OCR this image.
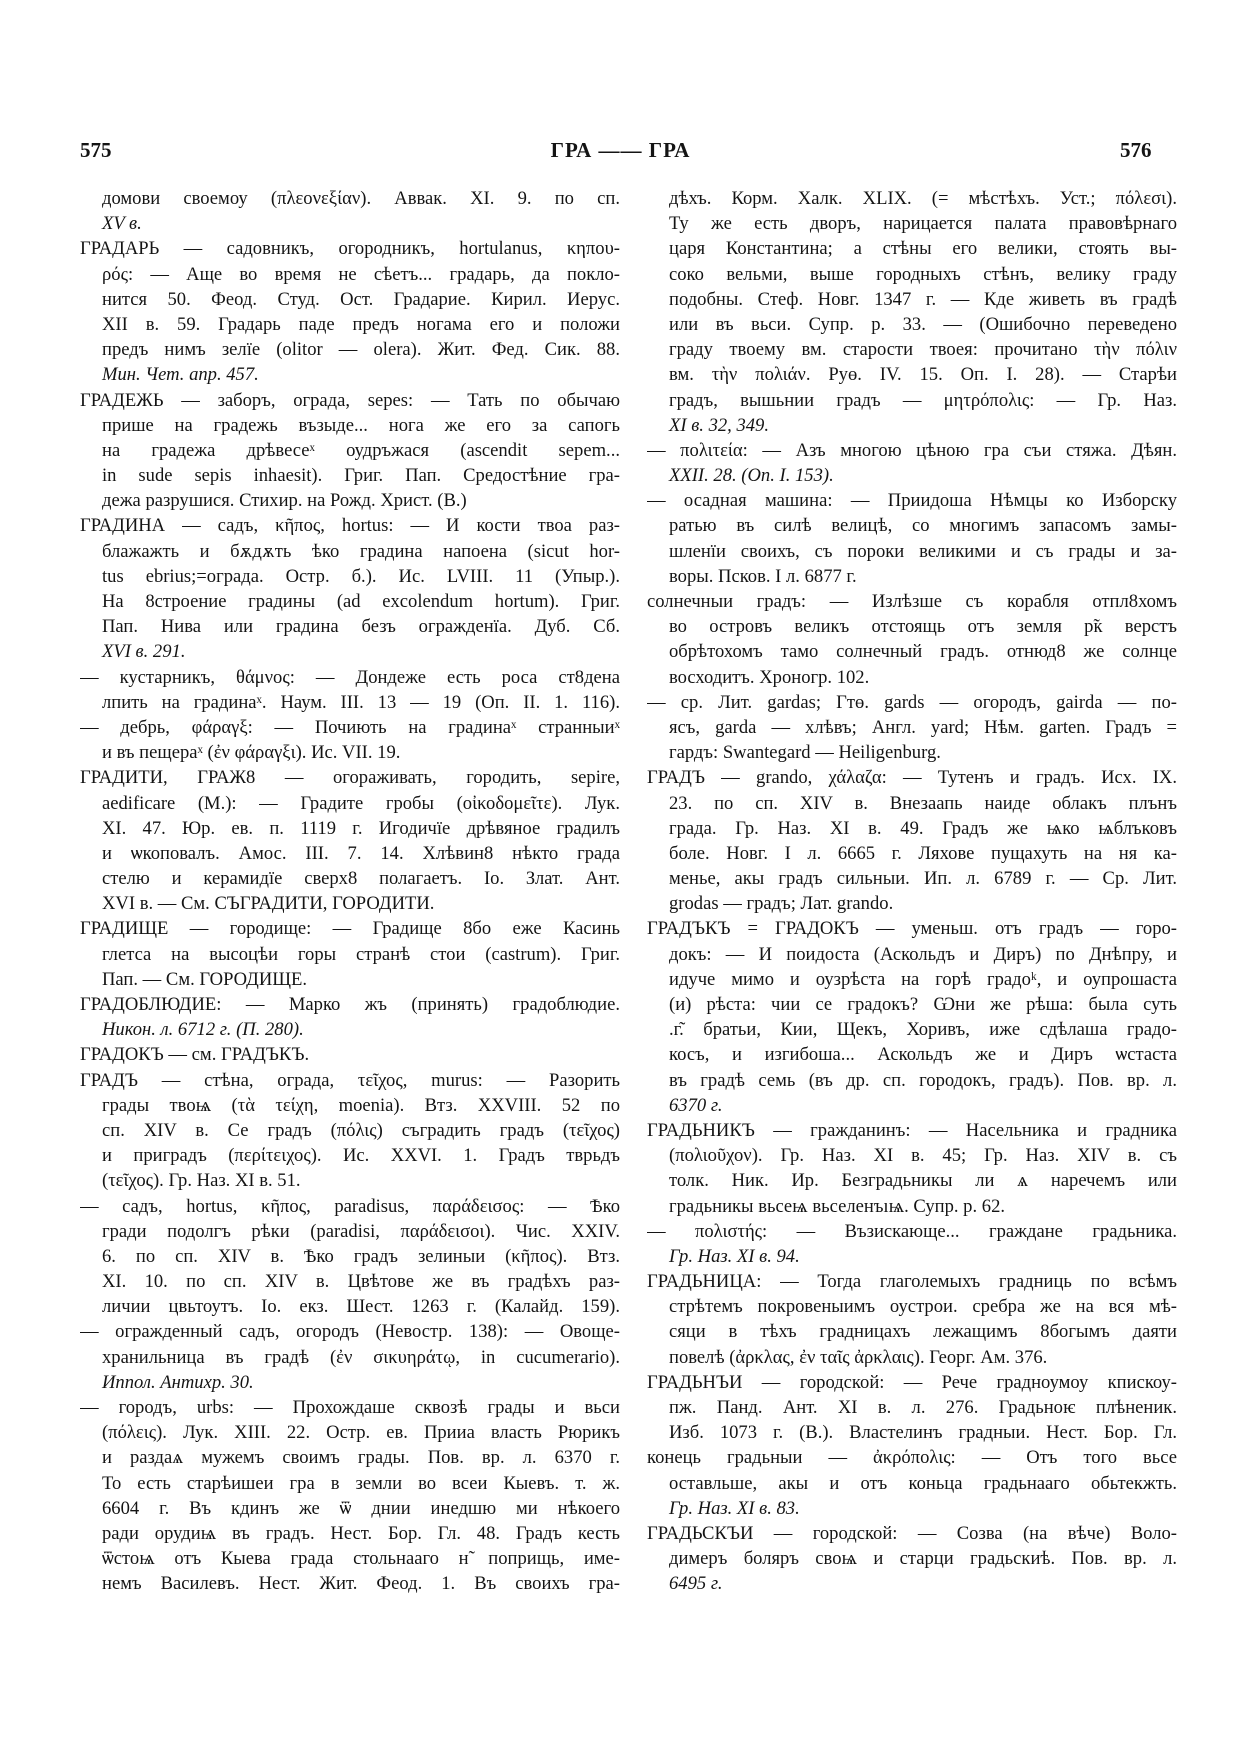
575	ГРА —— ГРА	576
домови своемоу (πλεονεξίαν). Аввак. XI. 9. по сп.
XV в.
ГРАДАРЬ — садовникъ, огородникъ, hortulanus, κηπου-
ρός: — Аще во время не сѣетъ... градарь, да покло-
нится 50. Феод. Студ. Ост. Градарие. Кирил. Иерус.
XII в. 59. Градарь паде предъ ногама его и положи
предъ нимъ зелїе (olitor — olera). Жит. Фед. Сик. 88.
Мин. Чет. апр. 457.
ГРАДЕЖЬ — заборъ, ограда, sepes: — Тать по обычаю
прише на градежь възыде... нога же его за сапогь
на градежа дрѣвесеˣ оудръжася (ascendit sepem...
in sude sepis inhaesit). Григ. Пап. Средостѣние гра-
дежа разрушися. Стихир. на Рожд. Христ. (В.)
ГРАДИНА — садъ, κῆπος, hortus: — И кости твоа раз-
блажажть и бѫдѫть ѣко градина напоена (sicut hor-
tus ebrius;=ограда. Остр. б.). Ис. LVIII. 11 (Упыр.).
На 8строение градины (ad excolendum hortum). Григ.
Пап. Нива или градина безъ огражденїа. Дуб. Сб.
XVI в. 291.
— кустарникъ, θάμνος: — Дондеже есть роса ст8дена
лпить на градинаˣ. Наум. III. 13 — 19 (Оп. II. 1. 116).
— дебрь, φάραγξ: — Почиють на градинаˣ странныиˣ
и въ пещераˣ (ἐν φάραγξι). Ис. VII. 19.
ГРАДИТИ, ГРАЖ8 — огораживать, городить, sepire,
aedificare (М.): — Градите гробы (οἰκοδομεῖτε). Лук.
XI. 47. Юр. ев. п. 1119 г. Игодичїе дрѣвяное градилъ
и ѡкоповалъ. Амос. III. 7. 14. Хлѣвин8 нѣкто града
стелю и керамидїе сверх8 полагаетъ. Іо. Злат. Ант.
XVI в. — См. СЪГРАДИТИ, ГОРОДИТИ.
ГРАДИЩЕ — городище: — Градище 8бо еже Касинь
глетса на высоцѣи горы странѣ стои (castrum). Григ.
Пап. — См. ГОРОДИЩЕ.
ГРАДОБЛЮДИЕ: — Марко жъ (принять) градоблюдие.
Никон. л. 6712 г. (П. 280).
ГРАДОКЪ — см. ГРАДЪКЪ.
ГРАДЪ — стѣна, ограда, τεῖχος, murus: — Разорить
грады твоѩ (τὰ τείχη, moenia). Втз. XXVIII. 52 по
сп. XIV в. Се градъ (πόλις) съградить градъ (τεῖχος)
и приградъ (περίτειχος). Ис. XXVI. 1. Градъ тврьдъ
(τεῖχος). Гр. Наз. XI в. 51.
— садъ, hortus, κῆπος, paradisus, παράδεισος: — Ѣко
гради подолгъ рѣки (paradisi, παράδεισοι). Чис. XXIV.
6. по сп. XIV в. Ѣко градъ зелиныи (κῆπος). Втз.
XI. 10. по сп. XIV в. Цвѣтове же въ градѣхъ раз-
личии цвьтоутъ. Іо. екз. Шест. 1263 г. (Калайд. 159).
— огражденный садъ, огородъ (Невостр. 138): — Овоще-
хранильница въ градѣ (ἐν σικυηράτῳ, in cucumerario).
Иппол. Антихр. 30.
— городъ, urbs: — Прохождаше сквозѣ грады и вьси
(πόλεις). Лук. XIII. 22. Остр. ев. Прииа власть Рюрикъ
и раздаѧ мужемъ своимъ грады. Пов. вр. л. 6370 г.
То есть старѣишеи гра в земли во всеи Кыевъ. т. ж.
6604 г. Въ кдинъ же ѿ днии инедшю ми нѣкоего
ради орудиѩ въ градъ. Нест. Бор. Гл. 48. Градъ кесть
ѿстоѩ отъ Кыева града стольнааго н̃ поприщь, име-
немъ Василевъ. Нест. Жит. Феод. 1. Въ своихъ гра-
дѣхъ. Корм. Халк. XLIX. (= мѣстѣхъ. Уст.; πόλεσι).
Ту же есть дворъ, нарицается палата правовѣрнаго
царя Константина; а стѣны его велики, стоять вы-
соко вельми, выше городныхъ стѣнъ, велику граду
подобны. Стеф. Новг. 1347 г. — Кде живеть въ градѣ
или въ вьси. Супр. р. 33. — (Ошибочно переведено
граду твоему вм. старости твоея: прочитано τὴν πόλιν
вм. τὴν πολιάν. Руө. IV. 15. Оп. I. 28). — Старѣи
градъ, вышьнии градъ — μητρόπολις: — Гр. Наз.
XI в. 32, 349.
— πολιτεία: — Азъ многою цѣною гра съи стяжа. Дѣян.
XXII. 28. (Оп. I. 153).
— осадная машина: — Приидоша Нѣмцы ко Изборску
ратью въ силѣ велицѣ, со многимъ запасомъ замы-
шленїи своихъ, съ пороки великими и съ грады и за-
воры. Псков. I л. 6877 г.
солнечныи градъ: — Излѣзше съ корабля отпл8хомъ
во островъ великъ отстоящь отъ земля р̃к верстъ
обрѣтохомъ тамо солнечный градъ. отнюд8 же солнце
восходитъ. Хроногр. 102.
— ср. Лит. gardas; Гтө. gards — огородъ, gairda — по-
ясъ, garda — хлѣвъ; Англ. yard; Нѣм. garten. Градъ =
гардъ: Swantegard — Heiligenburg.
ГРАДЪ — grando, χάλαζα: — Тутенъ и градъ. Исх. IX.
23. по сп. XIV в. Внезаапь наиде облакъ плънъ
града. Гр. Наз. XI в. 49. Градъ же ѩко ѩблъковъ
боле. Новг. I л. 6665 г. Ляхове пущахуть на ня ка-
менье, акы градъ сильныи. Ип. л. 6789 г. — Ср. Лит.
grodas — градъ; Лат. grando.
ГРАДЪКЪ = ГРАДОКЪ — уменьш. отъ градъ — горо-
докъ: — И поидоста (Аскольдъ и Диръ) по Днѣпру, и
идуче мимо и оузрѣста на горѣ градоᵏ, и оупрошаста
(и) рѣста: чии се градокъ? Ѡни же рѣша: была суть
.г̃. братьи, Кии, Щекъ, Хоривъ, иже сдѣлаша градо-
косъ, и изгибоша... Аскольдъ же и Диръ ѡстаста
въ градѣ семь (въ др. сп. городокъ, градъ). Пов. вр. л.
6370 г.
ГРАДЬНИКЪ — гражданинъ: — Насельника и градника
(πολιοῦχον). Гр. Наз. XI в. 45; Гр. Наз. XIV в. съ
толк. Ник. Ир. Безградьникы ли ѧ наречемъ или
градьникы вьсеѩ вьселенъıѩ. Супр. р. 62.
— πολιστής: — Възискающе... граждане градьника.
Гр. Наз. XI в. 94.
ГРАДЬНИЦА: — Тогда глаголемыхъ градниць по всѣмъ
стрѣтемъ покровеныимъ оустрои. сребра же на вся мѣ-
сяци в тѣхъ градницахъ лежащимъ 8богымъ даяти
повелѣ (ἀρκλας, ἐν ταῖς ἀρκλαις). Георг. Ам. 376.
ГРАДЬНЪИ — городской: — Рече градноумоу кпискоу-
пж. Панд. Ант. XI в. л. 276. Градьноѥ плѣненик.
Изб. 1073 г. (В.). Властелинъ градныи. Нест. Бор. Гл.
конець градьныи — ἀκρόπολις: — Отъ того вьсе
оставльше, акы и отъ коньца градьнааго обьтекжть.
Гр. Наз. XI в. 83.
ГРАДЬСКЪИ — городской: — Созва (на вѣче) Воло-
димеръ боляръ своѩ и старци градьскиѣ. Пов. вр. л.
6495 г.
